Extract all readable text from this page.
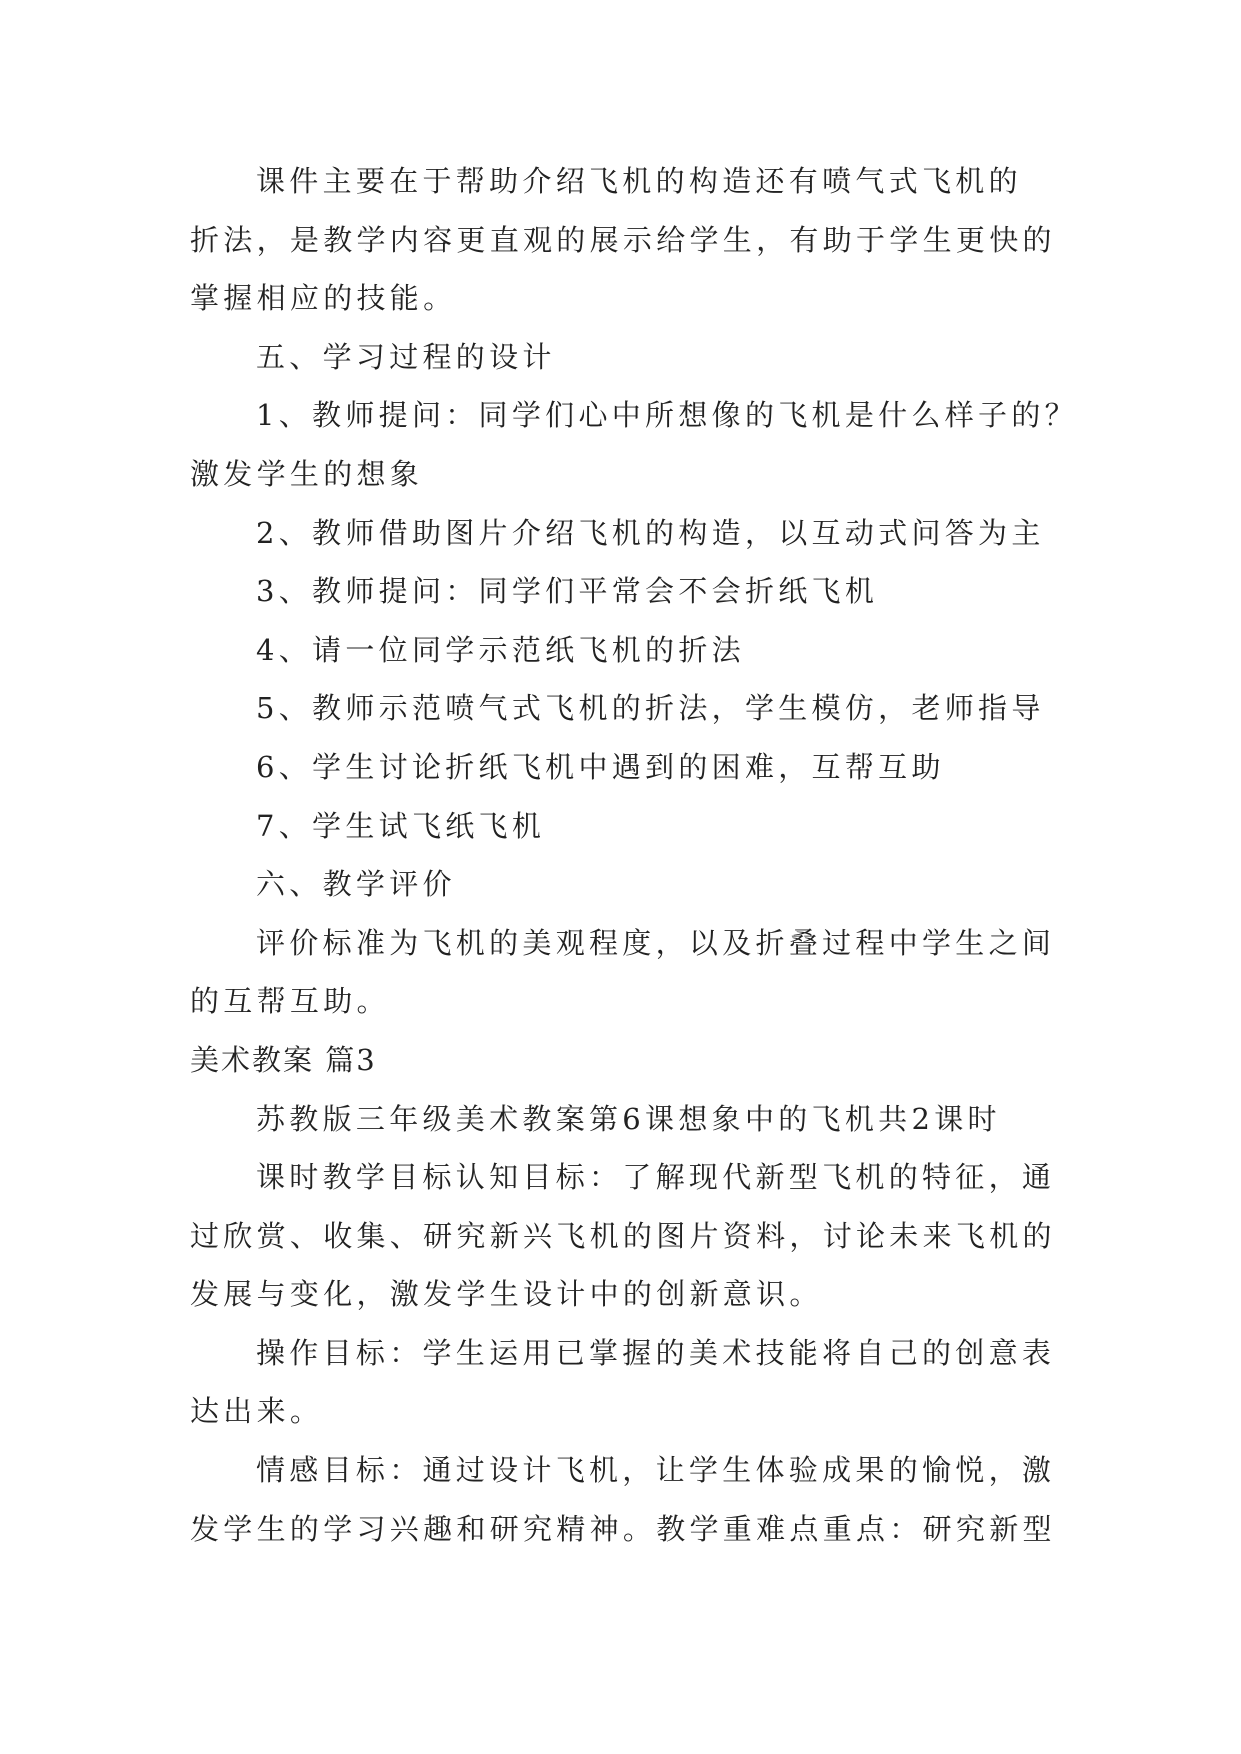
课件主要在于帮助介绍飞机的构造还有喷气式飞机的
折法，是教学内容更直观的展示给学生，有助于学生更快的
掌握相应的技能。
五、学习过程的设计
1、教师提问：同学们心中所想像的飞机是什么样子的？
激发学生的想象
2、教师借助图片介绍飞机的构造，以互动式问答为主
3、教师提问：同学们平常会不会折纸飞机
4、请一位同学示范纸飞机的折法
5、教师示范喷气式飞机的折法，学生模仿，老师指导
6、学生讨论折纸飞机中遇到的困难，互帮互助
7、学生试飞纸飞机
六、教学评价
评价标准为飞机的美观程度，以及折叠过程中学生之间
的互帮互助。
美术教案 篇3
苏教版三年级美术教案第6课想象中的飞机共2课时
课时教学目标认知目标：了解现代新型飞机的特征，通
过欣赏、收集、研究新兴飞机的图片资料，讨论未来飞机的
发展与变化，激发学生设计中的创新意识。
操作目标：学生运用已掌握的美术技能将自己的创意表
达出来。
情感目标：通过设计飞机，让学生体验成果的愉悦，激
发学生的学习兴趣和研究精神。教学重难点重点：研究新型
